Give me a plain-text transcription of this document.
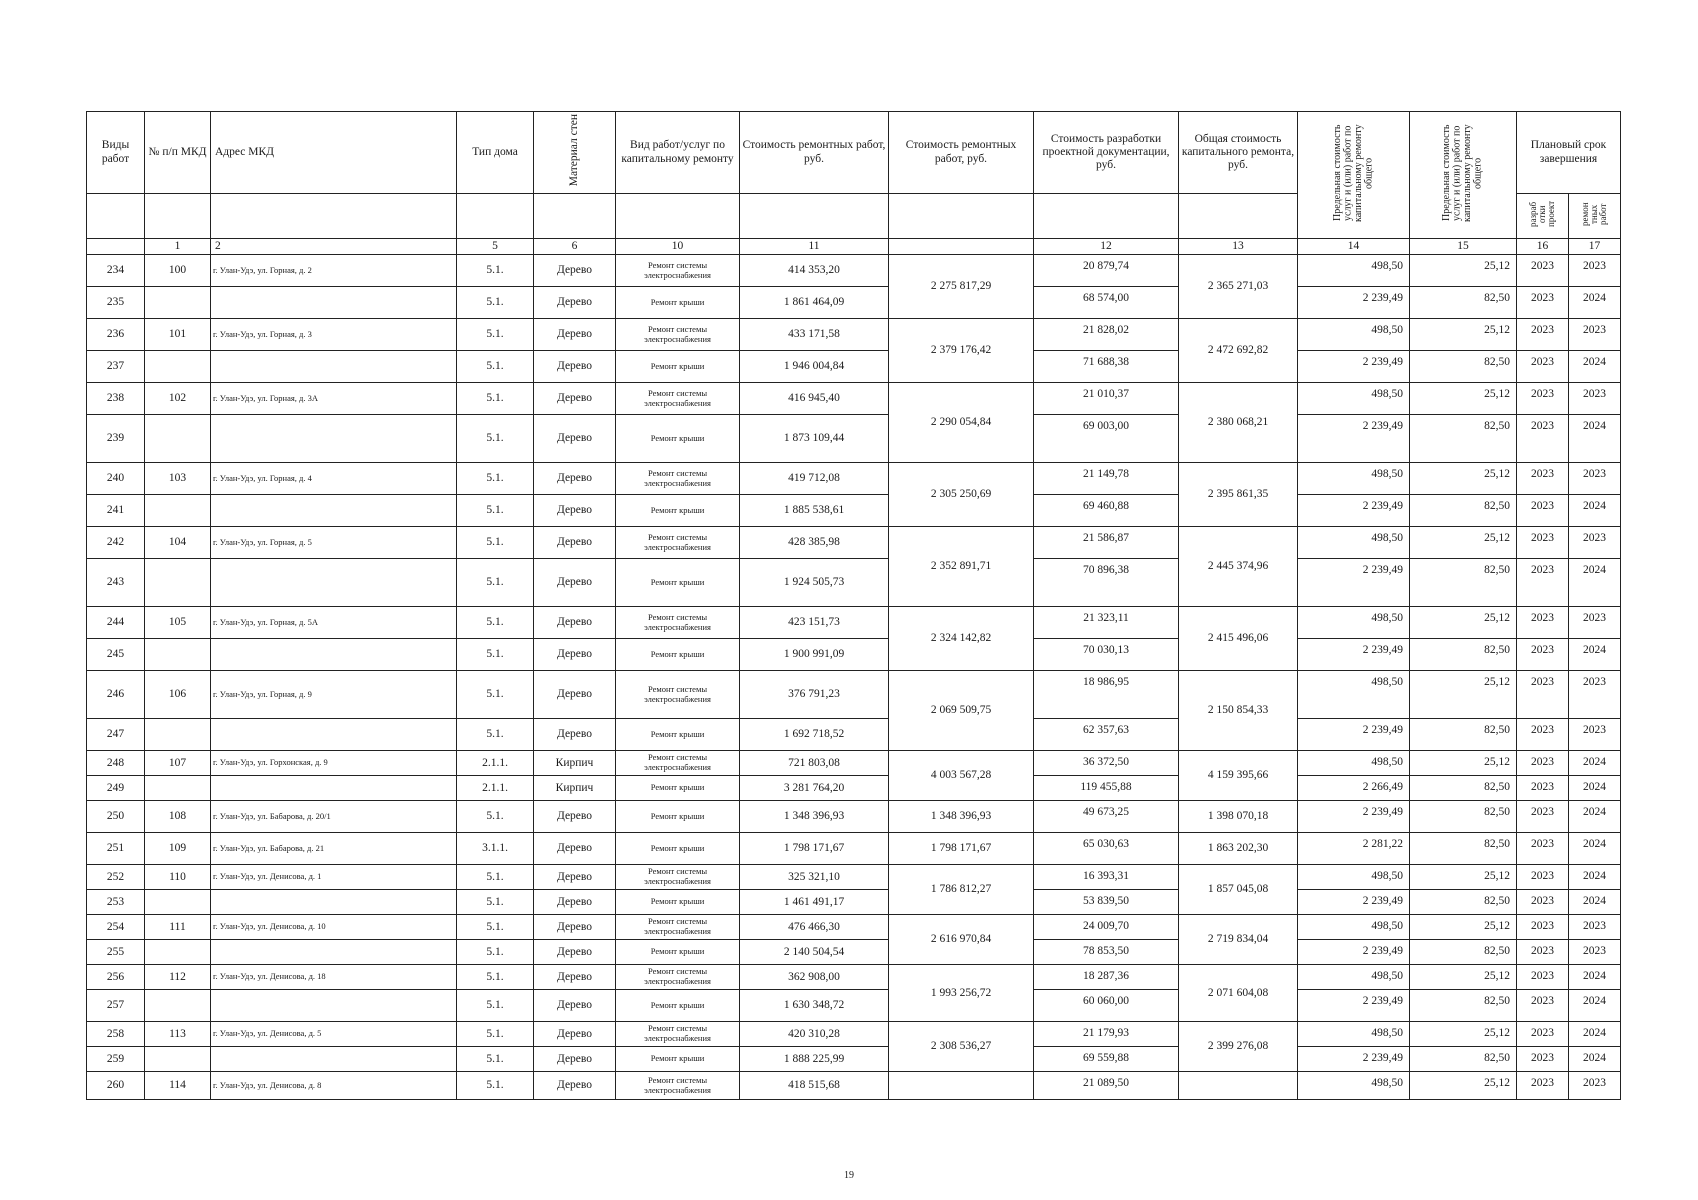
Виды работ	№ п/п МКД	Адрес МКД	Тип дома	Материал стен	Вид работ/услуг по капитальному ремонту	Стоимость ремонтных работ, руб.	Стоимость ремонтных работ, руб.	Стоимость разработки проектной документации, руб.	Общая стоимость капитального ремонта, руб.	Предельная стоимость услуг и (или) работ по капитальному ремонту общего	Предельная стоимость услуг и (или) работ по капитальному ремонту общего	Плановый срок завершения	
												разраб отки проект	ремон тных работ
	1	2	5	6	10	11		12	13	14	15	16	17
234	100	г. Улан-Удэ, ул. Горная, д. 2	5.1.	Дерево	Ремонт системы электроснабжения	414 353,20	2 275 817,29	20 879,74	2 365 271,03	498,50	25,12	2023	2023
235			5.1.	Дерево	Ремонт крыши	1 861 464,09		68 574,00		2 239,49	82,50	2023	2024
236	101	г. Улан-Удэ, ул. Горная, д. 3	5.1.	Дерево	Ремонт системы электроснабжения	433 171,58	2 379 176,42	21 828,02	2 472 692,82	498,50	25,12	2023	2023
237			5.1.	Дерево	Ремонт крыши	1 946 004,84		71 688,38		2 239,49	82,50	2023	2024
238	102	г. Улан-Удэ, ул. Горная, д. 3А	5.1.	Дерево	Ремонт системы электроснабжения	416 945,40	2 290 054,84	21 010,37	2 380 068,21	498,50	25,12	2023	2023
239			5.1.	Дерево	Ремонт крыши	1 873 109,44		69 003,00		2 239,49	82,50	2023	2024
240	103	г. Улан-Удэ, ул. Горная, д. 4	5.1.	Дерево	Ремонт системы электроснабжения	419 712,08	2 305 250,69	21 149,78	2 395 861,35	498,50	25,12	2023	2023
241			5.1.	Дерево	Ремонт крыши	1 885 538,61		69 460,88		2 239,49	82,50	2023	2024
242	104	г. Улан-Удэ, ул. Горная, д. 5	5.1.	Дерево	Ремонт системы электроснабжения	428 385,98	2 352 891,71	21 586,87	2 445 374,96	498,50	25,12	2023	2023
243			5.1.	Дерево	Ремонт крыши	1 924 505,73		70 896,38		2 239,49	82,50	2023	2024
244	105	г. Улан-Удэ, ул. Горная, д. 5А	5.1.	Дерево	Ремонт системы электроснабжения	423 151,73	2 324 142,82	21 323,11	2 415 496,06	498,50	25,12	2023	2023
245			5.1.	Дерево	Ремонт крыши	1 900 991,09		70 030,13		2 239,49	82,50	2023	2024
246	106	г. Улан-Удэ, ул. Горная, д. 9	5.1.	Дерево	Ремонт системы электроснабжения	376 791,23	2 069 509,75	18 986,95	2 150 854,33	498,50	25,12	2023	2023
247			5.1.	Дерево	Ремонт крыши	1 692 718,52		62 357,63		2 239,49	82,50	2023	2023
248	107	г. Улан-Удэ, ул. Горхонская, д. 9	2.1.1.	Кирпич	Ремонт системы электроснабжения	721 803,08	4 003 567,28	36 372,50	4 159 395,66	498,50	25,12	2023	2024
249			2.1.1.	Кирпич	Ремонт крыши	3 281 764,20		119 455,88		2 266,49	82,50	2023	2024
250	108	г. Улан-Удэ, ул. Бабарова, д. 20/1	5.1.	Дерево	Ремонт крыши	1 348 396,93	1 348 396,93	49 673,25	1 398 070,18	2 239,49	82,50	2023	2024
251	109	г. Улан-Удэ, ул. Бабарова, д. 21	3.1.1.	Дерево	Ремонт крыши	1 798 171,67	1 798 171,67	65 030,63	1 863 202,30	2 281,22	82,50	2023	2024
252	110	г. Улан-Удэ, ул. Денисова, д. 1	5.1.	Дерево	Ремонт системы электроснабжения	325 321,10	1 786 812,27	16 393,31	1 857 045,08	498,50	25,12	2023	2024
253			5.1.	Дерево	Ремонт крыши	1 461 491,17		53 839,50		2 239,49	82,50	2023	2024
254	111	г. Улан-Удэ, ул. Денисова, д. 10	5.1.	Дерево	Ремонт системы электроснабжения	476 466,30	2 616 970,84	24 009,70	2 719 834,04	498,50	25,12	2023	2023
255			5.1.	Дерево	Ремонт крыши	2 140 504,54		78 853,50		2 239,49	82,50	2023	2023
256	112	г. Улан-Удэ, ул. Денисова, д. 18	5.1.	Дерево	Ремонт системы электроснабжения	362 908,00	1 993 256,72	18 287,36	2 071 604,08	498,50	25,12	2023	2024
257			5.1.	Дерево	Ремонт крыши	1 630 348,72		60 060,00		2 239,49	82,50	2023	2024
258	113	г. Улан-Удэ, ул. Денисова, д. 5	5.1.	Дерево	Ремонт системы электроснабжения	420 310,28	2 308 536,27	21 179,93	2 399 276,08	498,50	25,12	2023	2024
259			5.1.	Дерево	Ремонт крыши	1 888 225,99		69 559,88		2 239,49	82,50	2023	2024
260	114	г. Улан-Удэ, ул. Денисова, д. 8	5.1.	Дерево	Ремонт системы электроснабжения	418 515,68		21 089,50		498,50	25,12	2023	2023
19
